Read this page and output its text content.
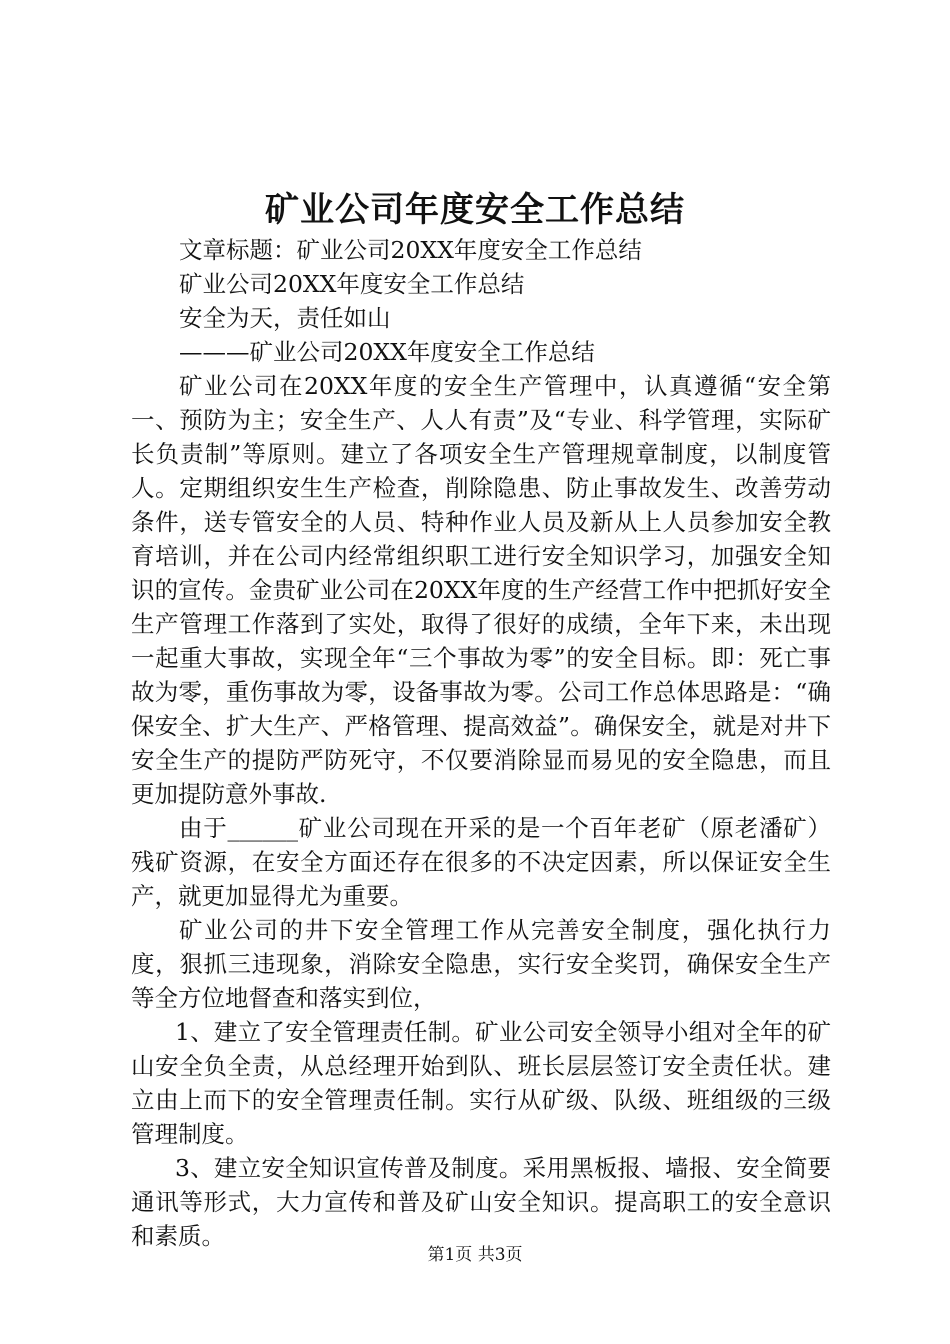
矿业公司年度安全工作总结

文章标题：矿业公司20XX年度安全工作总结

矿业公司20XX年度安全工作总结

安全为天，责任如山

———矿业公司20XX年度安全工作总结

矿业公司在20XX年度的安全生产管理中，认真遵循“安全第一、预防为主；安全生产、人人有责”及“专业、科学管理，实际矿长负责制”等原则。建立了各项安全生产管理规章制度，以制度管人。定期组织安生生产检查，削除隐患、防止事故发生、改善劳动条件，送专管安全的人员、特种作业人员及新从上人员参加安全教育培训，并在公司内经常组织职工进行安全知识学习，加强安全知识的宣传。金贵矿业公司在20XX年度的生产经营工作中把抓好安全生产管理工作落到了实处，取得了很好的成绩，全年下来，未出现一起重大事故，实现全年“三个事故为零”的安全目标。即：死亡事故为零，重伤事故为零，设备事故为零。公司工作总体思路是：“确保安全、扩大生产、严格管理、提高效益”。确保安全，就是对井下安全生产的提防严防死守，不仅要消除显而易见的安全隐患，而且更加提防意外事故.

由于______矿业公司现在开采的是一个百年老矿（原老潘矿）残矿资源，在安全方面还存在很多的不决定因素，所以保证安全生产，就更加显得尤为重要。

矿业公司的井下安全管理工作从完善安全制度，强化执行力度，狠抓三违现象，消除安全隐患，实行安全奖罚，确保安全生产等全方位地督查和落实到位，

1、建立了安全管理责任制。矿业公司安全领导小组对全年的矿山安全负全责，从总经理开始到队、班长层层签订安全责任状。建立由上而下的安全管理责任制。实行从矿级、队级、班组级的三级管理制度。

3、建立安全知识宣传普及制度。采用黑板报、墙报、安全简要通讯等形式，大力宣传和普及矿山安全知识。提高职工的安全意识和素质。

第1页 共3页
